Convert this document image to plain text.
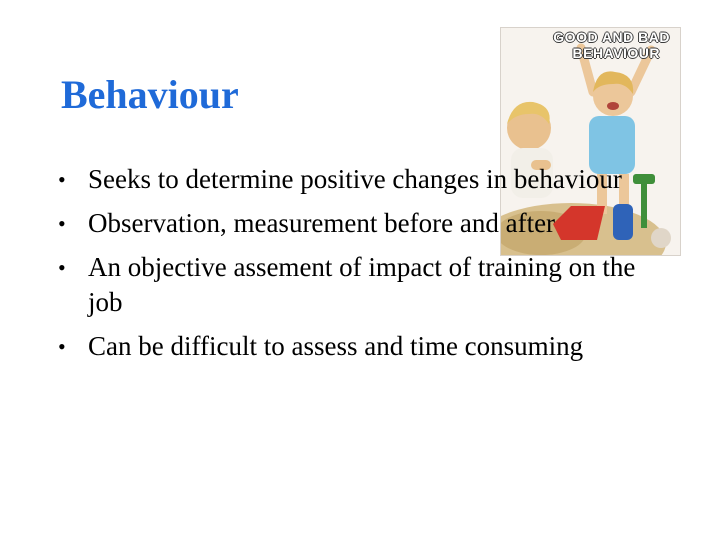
GOOD AND BAD
BEHAVIOUR
Behaviour
• Seeks to determine positive changes in behaviour
• Observation, measurement before and after
• An objective assement of impact of training on the job
• Can be difficult to assess and time consuming
